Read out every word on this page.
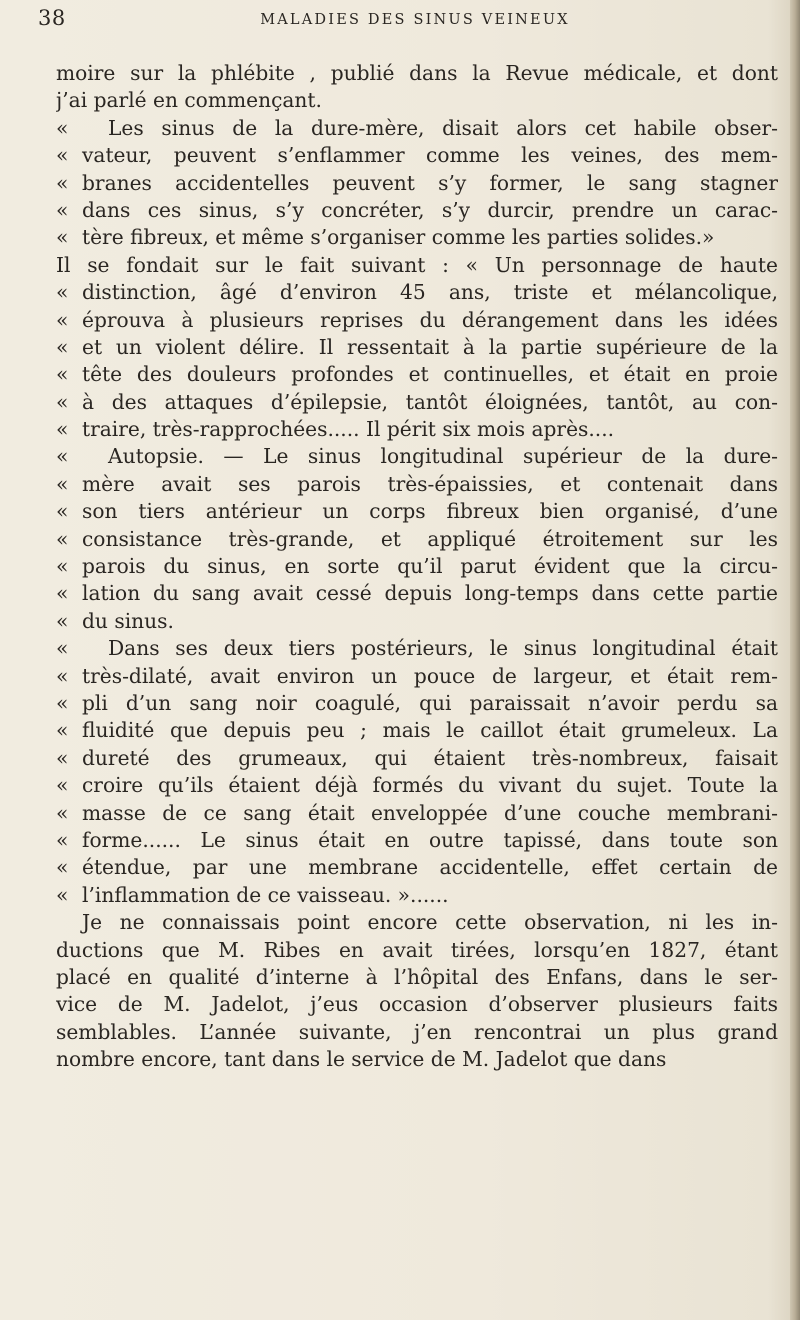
38	MALADIES DES SINUS VEINEUX
moire sur la phlébite , publié dans la Revue médicale, et dont
j’ai parlé en commençant.
« Les sinus de la dure-mère, disait alors cet habile obser-
« vateur, peuvent s’enflammer comme les veines, des mem-
« branes accidentelles peuvent s’y former, le sang stagner
« dans ces sinus, s’y concréter, s’y durcir, prendre un carac-
« tère fibreux, et même s’organiser comme les parties solides.»
Il se fondait sur le fait suivant : « Un personnage de haute
« distinction, âgé d’environ 45 ans, triste et mélancolique,
« éprouva à plusieurs reprises du dérangement dans les idées
« et un violent délire. Il ressentait à la partie supérieure de la
« tête des douleurs profondes et continuelles, et était en proie
« à des attaques d’épilepsie, tantôt éloignées, tantôt, au con-
« traire, très-rapprochées..... Il périt six mois après....
« Autopsie. — Le sinus longitudinal supérieur de la dure-
« mère avait ses parois très-épaissies, et contenait dans
« son tiers antérieur un corps fibreux bien organisé, d’une
« consistance très-grande, et appliqué étroitement sur les
« parois du sinus, en sorte qu’il parut évident que la circu-
« lation du sang avait cessé depuis long-temps dans cette partie
« du sinus.
« Dans ses deux tiers postérieurs, le sinus longitudinal était
« très-dilaté, avait environ un pouce de largeur, et était rem-
« pli d’un sang noir coagulé, qui paraissait n’avoir perdu sa
« fluidité que depuis peu ; mais le caillot était grumeleux. La
« dureté des grumeaux, qui étaient très-nombreux, faisait
« croire qu’ils étaient déjà formés du vivant du sujet. Toute la
« masse de ce sang était enveloppée d’une couche membrani-
« forme...... Le sinus était en outre tapissé, dans toute son
« étendue, par une membrane accidentelle, effet certain de
« l’inflammation de ce vaisseau. »......
Je ne connaissais point encore cette observation, ni les in-
ductions que M. Ribes en avait tirées, lorsqu’en 1827, étant
placé en qualité d’interne à l’hôpital des Enfans, dans le ser-
vice de M. Jadelot, j’eus occasion d’observer plusieurs faits
semblables. L’année suivante, j’en rencontrai un plus grand
nombre encore, tant dans le service de M. Jadelot que dans
